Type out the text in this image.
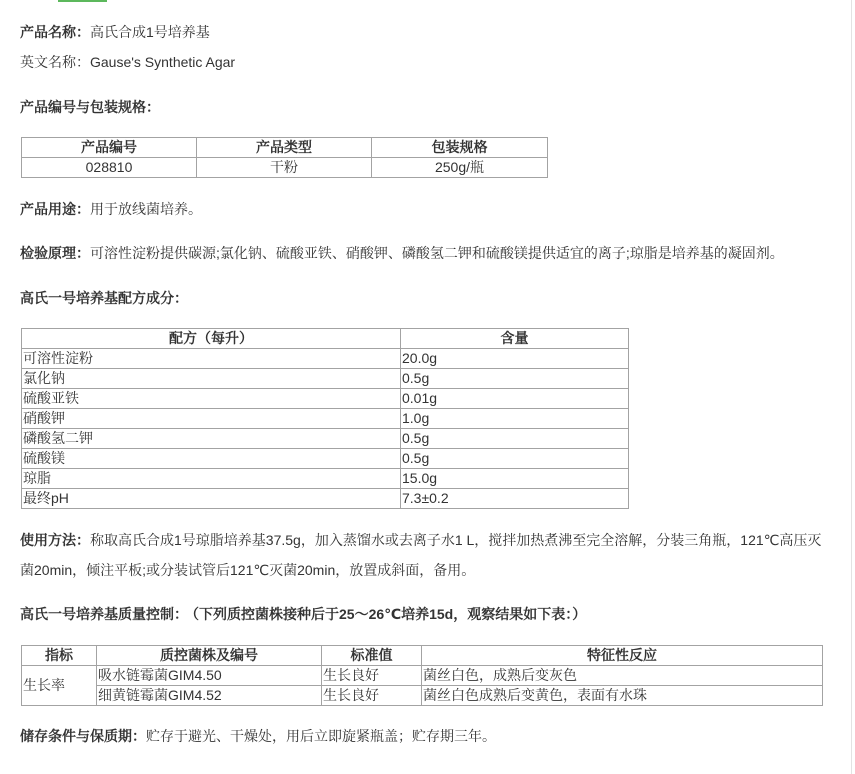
产品名称：高氏合成1号培养基
英文名称：Gause's Synthetic Agar
产品编号与包装规格：
产品编号	产品类型	包装规格
028810	干粉	250g/瓶
产品用途：用于放线菌培养。
检验原理：可溶性淀粉提供碳源;氯化钠、硫酸亚铁、硝酸钾、磷酸氢二钾和硫酸镁提供适宜的离子;琼脂是培养基的凝固剂。
高氏一号培养基配方成分：
配方（每升）	含量
可溶性淀粉	20.0g
氯化钠	0.5g
硫酸亚铁	0.01g
硝酸钾	1.0g
磷酸氢二钾	0.5g
硫酸镁	0.5g
琼脂	15.0g
最终pH	7.3±0.2
使用方法：称取高氏合成1号琼脂培养基37.5g，加入蒸馏水或去离子水1 L，搅拌加热煮沸至完全溶解，分装三角瓶，121℃高压灭菌20min，倾注平板;或分装试管后121℃灭菌20min，放置成斜面，备用。
高氏一号培养基质量控制： （下列质控菌株接种后于25～26℃培养15d，观察结果如下表：）
指标	质控菌株及编号	标准值	特征性反应
生长率	吸水链霉菌GIM4.50	生长良好	菌丝白色，成熟后变灰色
	细黄链霉菌GIM4.52	生长良好	菌丝白色成熟后变黄色，表面有水珠
储存条件与保质期：贮存于避光、干燥处，用后立即旋紧瓶盖；贮存期三年。
